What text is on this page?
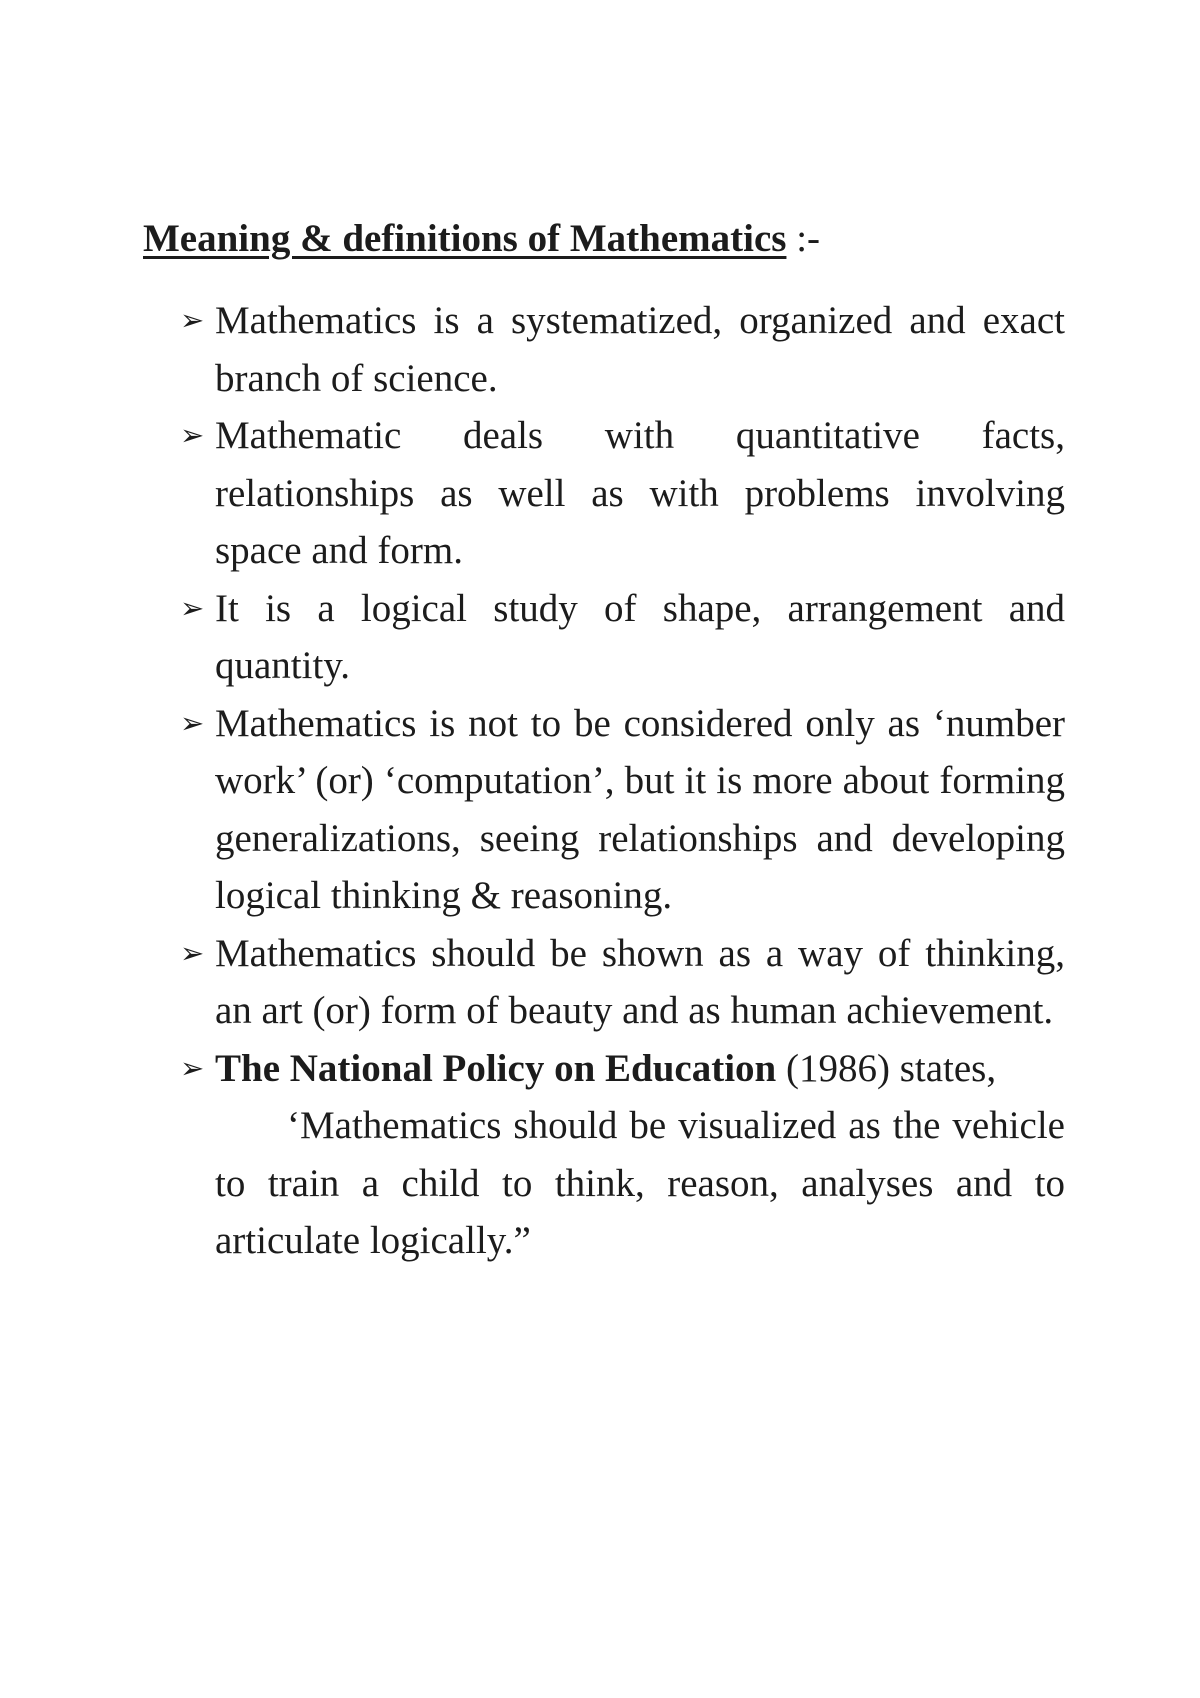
Meaning & definitions of Mathematics :-
➢ Mathematics is a systematized, organized and exact branch of science.
➢ Mathematic deals with quantitative facts, relationships as well as with problems involving space and form.
➢ It is a logical study of shape, arrangement and quantity.
➢ Mathematics is not to be considered only as ‘number work’ (or) ‘computation’, but it is more about forming generalizations, seeing relationships and developing logical thinking & reasoning.
➢ Mathematics should be shown as a way of thinking, an art (or) form of beauty and as human achievement.
➢ The National Policy on Education (1986) states,

‘Mathematics should be visualized as the vehicle to train a child to think, reason, analyses and to articulate logically.”
